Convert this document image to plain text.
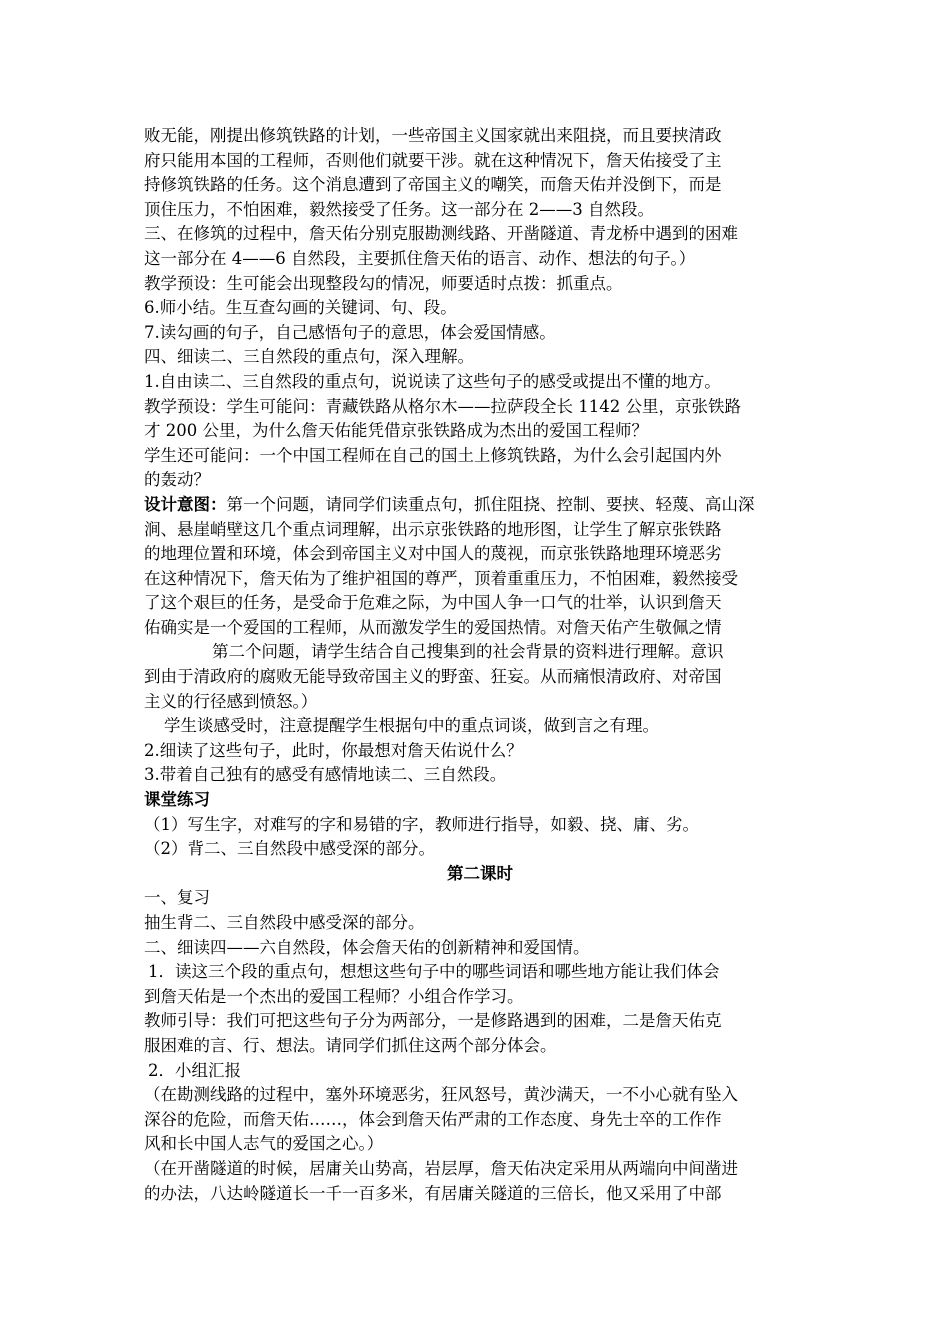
败无能，刚提出修筑铁路的计划，一些帝国主义国家就出来阻挠，而且要挟清政
府只能用本国的工程师，否则他们就要干涉。就在这种情况下，詹天佑接受了主
持修筑铁路的任务。这个消息遭到了帝国主义的嘲笑，而詹天佑并没倒下，而是
顶住压力，不怕困难，毅然接受了任务。这一部分在 2——3 自然段。
三、在修筑的过程中，詹天佑分别克服勘测线路、开凿隧道、青龙桥中遇到的困难
这一部分在 4——6 自然段，主要抓住詹天佑的语言、动作、想法的句子。）
教学预设：生可能会出现整段勾的情况，师要适时点拨：抓重点。
6.师小结。生互查勾画的关键词、句、段。
7.读勾画的句子，自己感悟句子的意思，体会爱国情感。
四、细读二、三自然段的重点句，深入理解。
1.自由读二、三自然段的重点句，说说读了这些句子的感受或提出不懂的地方。
教学预设：学生可能问：青藏铁路从格尔木——拉萨段全长 1142 公里，京张铁路
才 200 公里，为什么詹天佑能凭借京张铁路成为杰出的爱国工程师？
学生还可能问：一个中国工程师在自己的国土上修筑铁路，为什么会引起国内外
的轰动？
设计意图：第一个问题，请同学们读重点句，抓住阻挠、控制、要挟、轻蔑、高山深
涧、悬崖峭壁这几个重点词理解，出示京张铁路的地形图，让学生了解京张铁路
的地理位置和环境，体会到帝国主义对中国人的蔑视，而京张铁路地理环境恶劣
在这种情况下，詹天佑为了维护祖国的尊严，顶着重重压力，不怕困难，毅然接受
了这个艰巨的任务，是受命于危难之际，为中国人争一口气的壮举，认识到詹天
佑确实是一个爱国的工程师，从而激发学生的爱国热情。对詹天佑产生敬佩之情
第二个问题，请学生结合自己搜集到的社会背景的资料进行理解。意识
到由于清政府的腐败无能导致帝国主义的野蛮、狂妄。从而痛恨清政府、对帝国
主义的行径感到愤怒。）
学生谈感受时，注意提醒学生根据句中的重点词谈，做到言之有理。
2.细读了这些句子，此时，你最想对詹天佑说什么？
3.带着自己独有的感受有感情地读二、三自然段。
课堂练习
（1）写生字，对难写的字和易错的字，教师进行指导，如毅、挠、庸、劣。
（2）背二、三自然段中感受深的部分。
第二课时
一、复习
抽生背二、三自然段中感受深的部分。
二、细读四——六自然段，体会詹天佑的创新精神和爱国情。
1．读这三个段的重点句，想想这些句子中的哪些词语和哪些地方能让我们体会
到詹天佑是一个杰出的爱国工程师？小组合作学习。
教师引导：我们可把这些句子分为两部分，一是修路遇到的困难，二是詹天佑克
服困难的言、行、想法。请同学们抓住这两个部分体会。
2．小组汇报
（在勘测线路的过程中，塞外环境恶劣，狂风怒号，黄沙满天，一不小心就有坠入
深谷的危险，而詹天佑……，体会到詹天佑严肃的工作态度、身先士卒的工作作
风和长中国人志气的爱国之心。）
（在开凿隧道的时候，居庸关山势高，岩层厚，詹天佑决定采用从两端向中间凿进
的办法，八达岭隧道长一千一百多米，有居庸关隧道的三倍长，他又采用了中部
